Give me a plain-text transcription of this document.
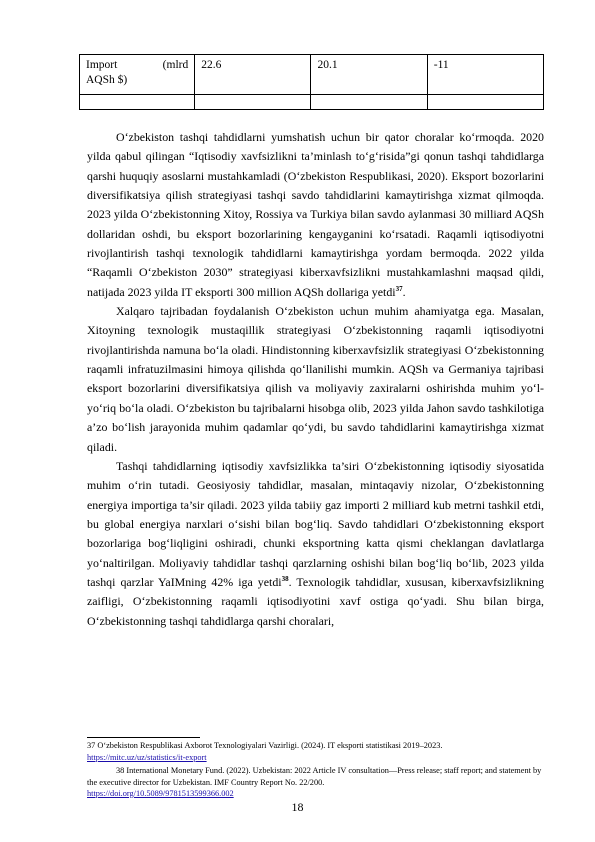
Import (mlrd
AQSh $)	22.6	20.1	-11

O‘zbekiston tashqi tahdidlarni yumshatish uchun bir qator choralar ko‘rmoqda. 2020 yilda qabul qilingan “Iqtisodiy xavfsizlikni ta’minlash to‘g‘risida”gi qonun tashqi tahdidlarga qarshi huquqiy asoslarni mustahkamladi (O‘zbekiston Respublikasi, 2020). Eksport bozorlarini diversifikatsiya qilish strategiyasi tashqi savdo tahdidlarini kamaytirishga xizmat qilmoqda. 2023 yilda O‘zbekistonning Xitoy, Rossiya va Turkiya bilan savdo aylanmasi 30 milliard AQSh dollaridan oshdi, bu eksport bozorlarining kengayganini ko‘rsatadi. Raqamli iqtisodiyotni rivojlantirish tashqi texnologik tahdidlarni kamaytirishga yordam bermoqda. 2022 yilda “Raqamli O‘zbekiston 2030” strategiyasi kiberxavfsizlikni mustahkamlashni maqsad qildi, natijada 2023 yilda IT eksporti 300 million AQSh dollariga yetdi$^{37}$.

Xalqaro tajribadan foydalanish O‘zbekiston uchun muhim ahamiyatga ega. Masalan, Xitoyning texnologik mustaqillik strategiyasi O‘zbekistonning raqamli iqtisodiyotni rivojlantirishda namuna bo‘la oladi. Hindistonning kiberxavfsizlik strategiyasi O‘zbekistonning raqamli infratuzilmasini himoya qilishda qo‘llanilishi mumkin. AQSh va Germaniya tajribasi eksport bozorlarini diversifikatsiya qilish va moliyaviy zaxiralarni oshirishda muhim yo‘l-yo‘riq bo‘la oladi. O‘zbekiston bu tajribalarni hisobga olib, 2023 yilda Jahon savdo tashkilotiga a’zo bo‘lish jarayonida muhim qadamlar qo‘ydi, bu savdo tahdidlarini kamaytirishga xizmat qiladi.

Tashqi tahdidlarning iqtisodiy xavfsizlikka ta’siri O‘zbekistonning iqtisodiy siyosatida muhim o‘rin tutadi. Geosiyosiy tahdidlar, masalan, mintaqaviy nizolar, O‘zbekistonning energiya importiga ta’sir qiladi. 2023 yilda tabiiy gaz importi 2 milliard kub metrni tashkil etdi, bu global energiya narxlari o‘sishi bilan bog‘liq. Savdo tahdidlari O‘zbekistonning eksport bozorlariga bog‘liqligini oshiradi, chunki eksportning katta qismi cheklangan davlatlarga yo‘naltirilgan. Moliyaviy tahdidlar tashqi qarzlarning oshishi bilan bog‘liq bo‘lib, 2023 yilda tashqi qarzlar YaIMning 42% iga yetdi$^{38}$. Texnologik tahdidlar, xususan, kiberxavfsizlikning zaifligi, O‘zbekistonning raqamli iqtisodiyotini xavf ostiga qo‘yadi. Shu bilan birga, O‘zbekistonning tashqi tahdidlarga qarshi choralari,

37 O‘zbekiston Respublikasi Axborot Texnologiyalari Vazirligi. (2024). IT eksporti statistikasi 2019–2023.
https://mitc.uz/uz/statistics/it-export

38 International Monetary Fund. (2022). Uzbekistan: 2022 Article IV consultation—Press release; staff report; and statement by the executive director for Uzbekistan. IMF Country Report No. 22/200.
https://doi.org/10.5089/9781513599366.002

18
